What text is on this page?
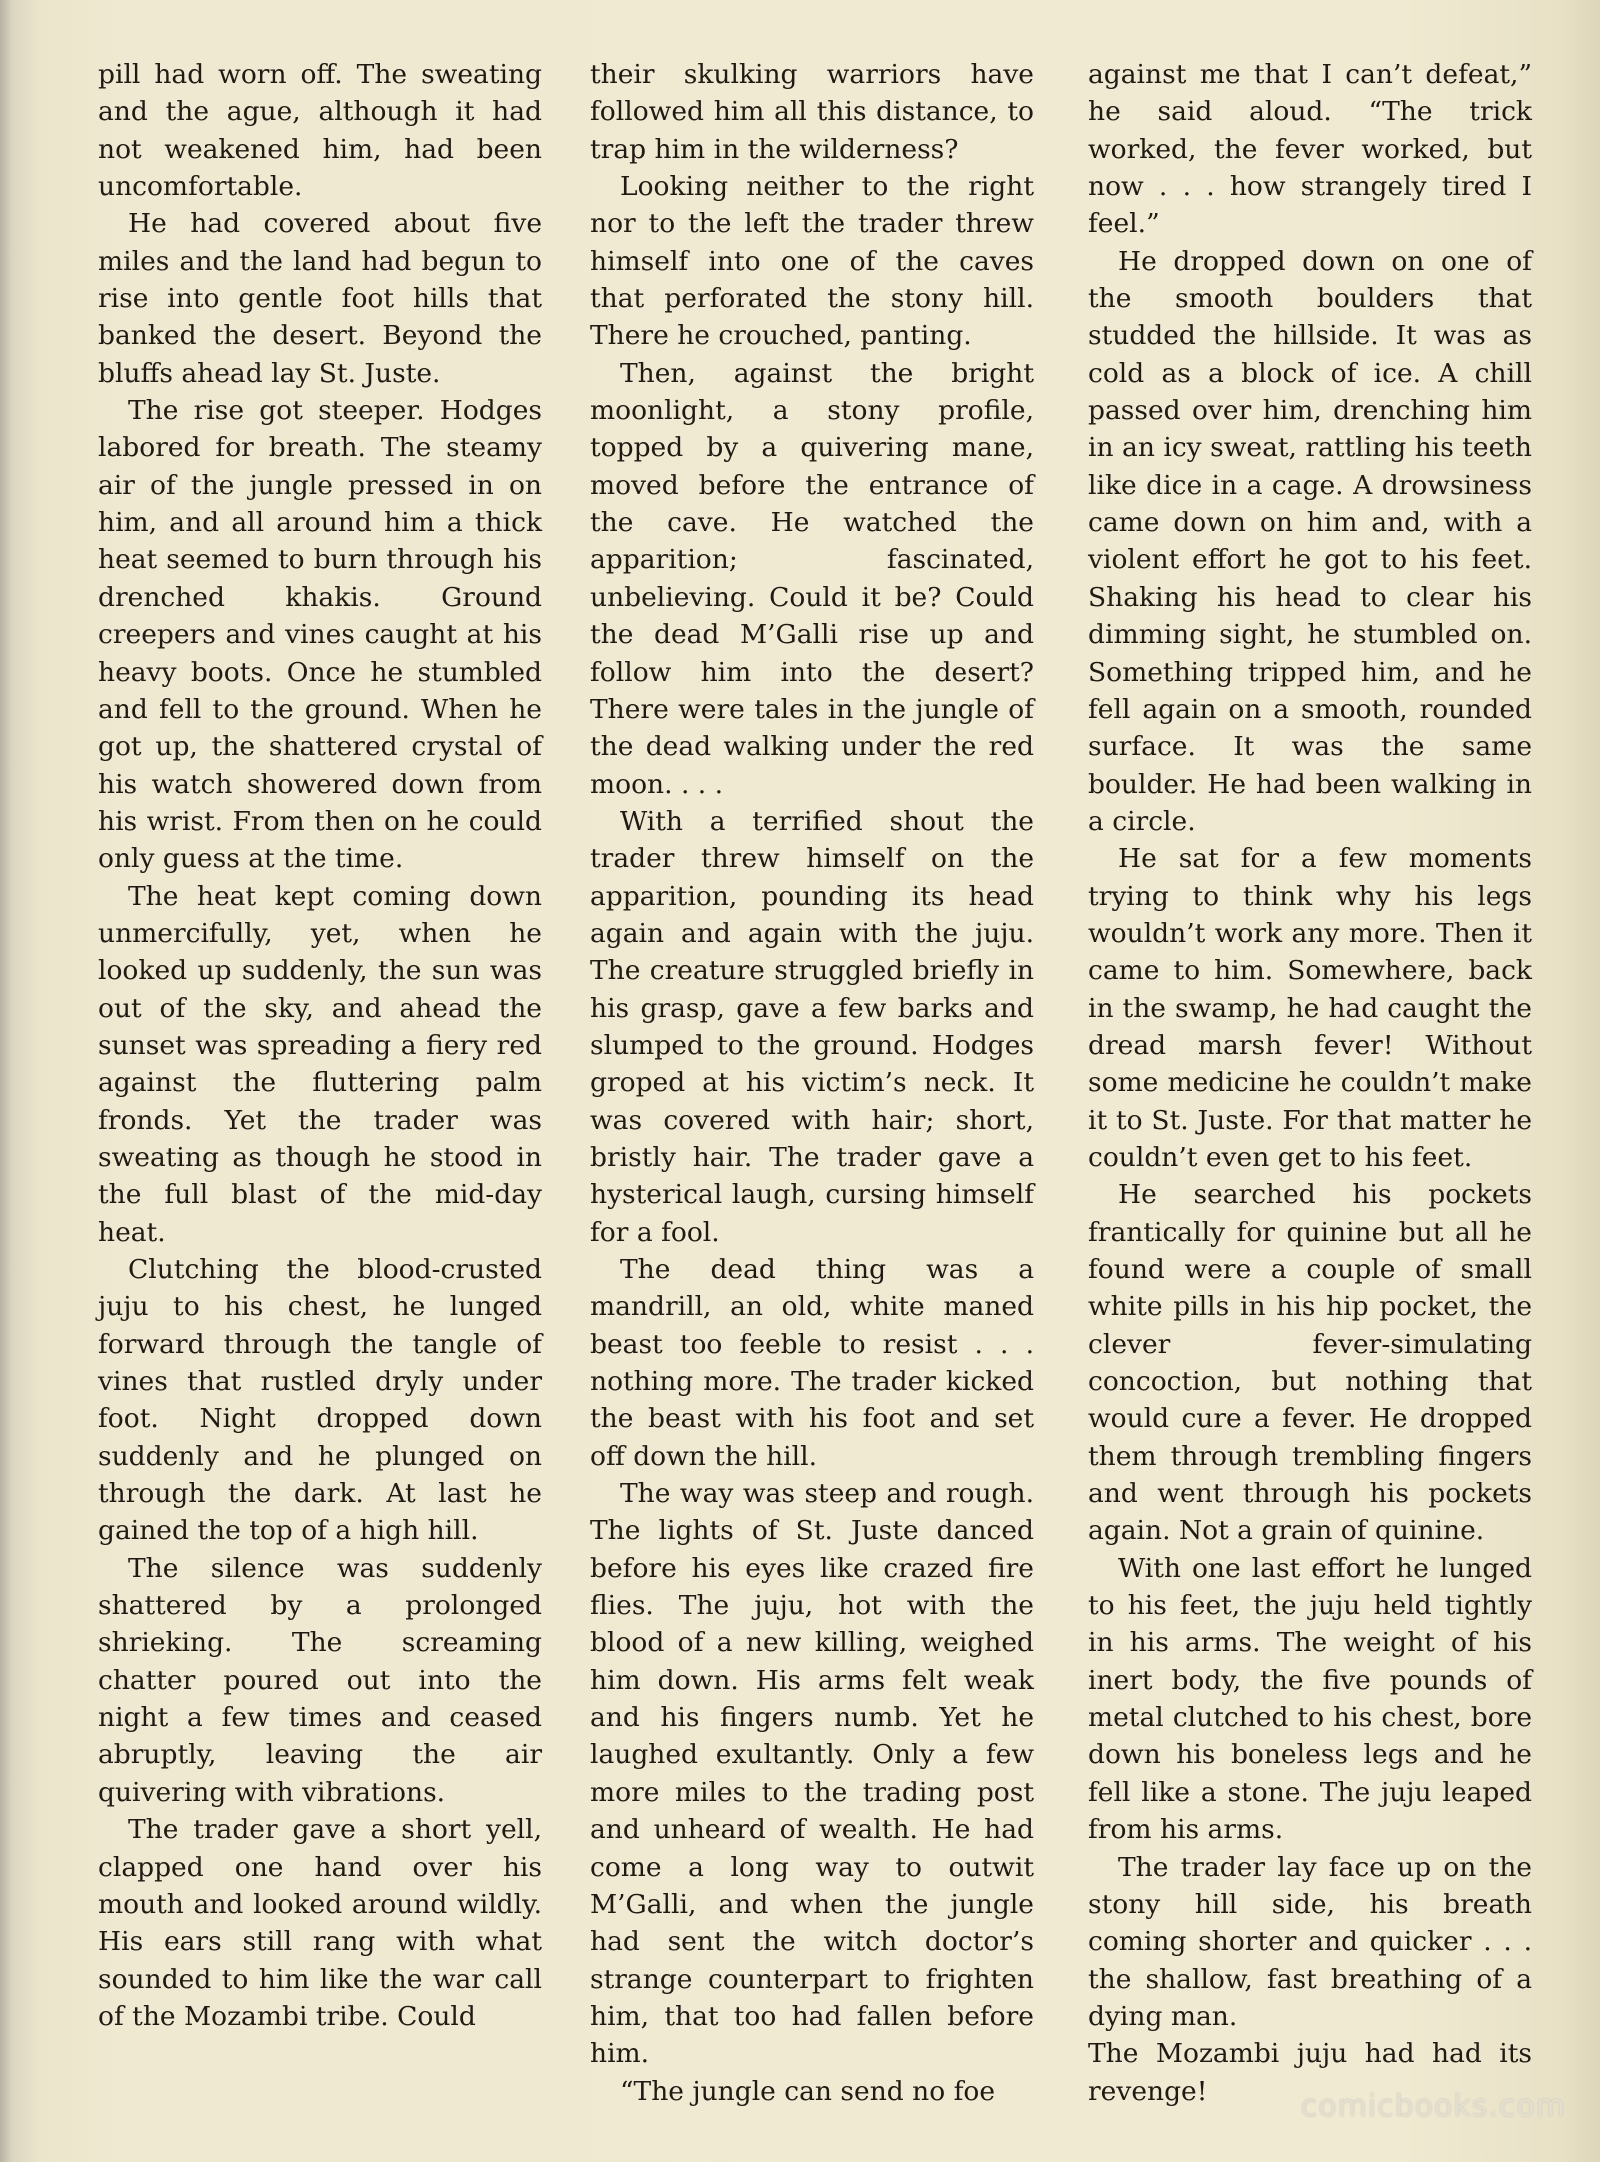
pill had worn off. The sweating and the ague, although it had not weakened him, had been uncomfortable.

He had covered about five miles and the land had begun to rise into gentle foot hills that banked the desert. Beyond the bluffs ahead lay St. Juste.

The rise got steeper. Hodges labored for breath. The steamy air of the jungle pressed in on him, and all around him a thick heat seemed to burn through his drenched khakis. Ground creepers and vines caught at his heavy boots. Once he stumbled and fell to the ground. When he got up, the shattered crystal of his watch showered down from his wrist. From then on he could only guess at the time.

The heat kept coming down unmercifully, yet, when he looked up suddenly, the sun was out of the sky, and ahead the sunset was spreading a fiery red against the fluttering palm fronds. Yet the trader was sweating as though he stood in the full blast of the mid-day heat.

Clutching the blood-crusted juju to his chest, he lunged forward through the tangle of vines that rustled dryly under foot. Night dropped down suddenly and he plunged on through the dark. At last he gained the top of a high hill.

The silence was suddenly shattered by a prolonged shrieking. The screaming chatter poured out into the night a few times and ceased abruptly, leaving the air quivering with vibrations.

The trader gave a short yell, clapped one hand over his mouth and looked around wildly. His ears still rang with what sounded to him like the war call of the Mozambi tribe. Could

their skulking warriors have followed him all this distance, to trap him in the wilderness?

Looking neither to the right nor to the left the trader threw himself into one of the caves that perforated the stony hill. There he crouched, panting.

Then, against the bright moonlight, a stony profile, topped by a quivering mane, moved before the entrance of the cave. He watched the apparition; fascinated, unbelieving. Could it be? Could the dead M’Galli rise up and follow him into the desert? There were tales in the jungle of the dead walking under the red moon. . . .

With a terrified shout the trader threw himself on the apparition, pounding its head again and again with the juju. The creature struggled briefly in his grasp, gave a few barks and slumped to the ground. Hodges groped at his victim’s neck. It was covered with hair; short, bristly hair. The trader gave a hysterical laugh, cursing himself for a fool.

The dead thing was a mandrill, an old, white maned beast too feeble to resist . . . nothing more. The trader kicked the beast with his foot and set off down the hill.

The way was steep and rough. The lights of St. Juste danced before his eyes like crazed fire flies. The juju, hot with the blood of a new killing, weighed him down. His arms felt weak and his fingers numb. Yet he laughed exultantly. Only a few more miles to the trading post and unheard of wealth. He had come a long way to outwit M’Galli, and when the jungle had sent the witch doctor’s strange counterpart to frighten him, that too had fallen before him.

“The jungle can send no foe

against me that I can’t defeat,” he said aloud. “The trick worked, the fever worked, but now . . . how strangely tired I feel.”

He dropped down on one of the smooth boulders that studded the hillside. It was as cold as a block of ice. A chill passed over him, drenching him in an icy sweat, rattling his teeth like dice in a cage. A drowsiness came down on him and, with a violent effort he got to his feet. Shaking his head to clear his dimming sight, he stumbled on. Something tripped him, and he fell again on a smooth, rounded surface. It was the same boulder. He had been walking in a circle.

He sat for a few moments trying to think why his legs wouldn’t work any more. Then it came to him. Somewhere, back in the swamp, he had caught the dread marsh fever! Without some medicine he couldn’t make it to St. Juste. For that matter he couldn’t even get to his feet.

He searched his pockets frantically for quinine but all he found were a couple of small white pills in his hip pocket, the clever fever-simulating concoction, but nothing that would cure a fever. He dropped them through trembling fingers and went through his pockets again. Not a grain of quinine.

With one last effort he lunged to his feet, the juju held tightly in his arms. The weight of his inert body, the five pounds of metal clutched to his chest, bore down his boneless legs and he fell like a stone. The juju leaped from his arms.

The trader lay face up on the stony hill side, his breath coming shorter and quicker . . . the shallow, fast breathing of a dying man.

The Mozambi juju had had its revenge!	comicbooks.com
